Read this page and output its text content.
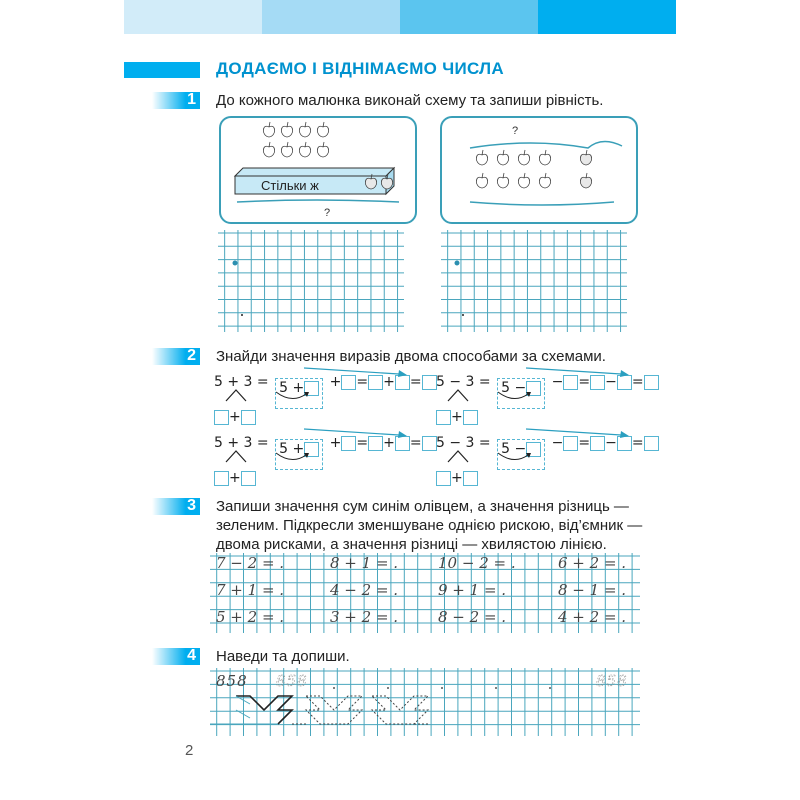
ДОДАЄМО І ВІДНІМАЄМО ЧИСЛА
1 До кожного малюнка виконай схему та запиши рівність.
Стільки ж
?
?
2 Знайди значення виразів двома способами за схемами.
5 + 3 = 5 + + = + =
+
5 − 3 = 5 − − = − =
+
5 + 3 = 5 + + = + =
+
5 − 3 = 5 − − = − =
+
3 Запиши значення сум синім олівцем, а значення різниць —
зеленим. Підкресли зменшуване однією рискою, від’ємник —
двома рисками, а значення різниці — хвилястою лінією.
7 − 2 = .	8 + 1 = .	10 − 2 = .	6 + 2 = .
7 + 1 = .	4 − 2 = .	9 + 1 = .	8 − 1 = .
5 + 2 = .	3 + 2 = .	8 − 2 = .	4 + 2 = .
4 Наведи та допиши.
858 858	858
2
